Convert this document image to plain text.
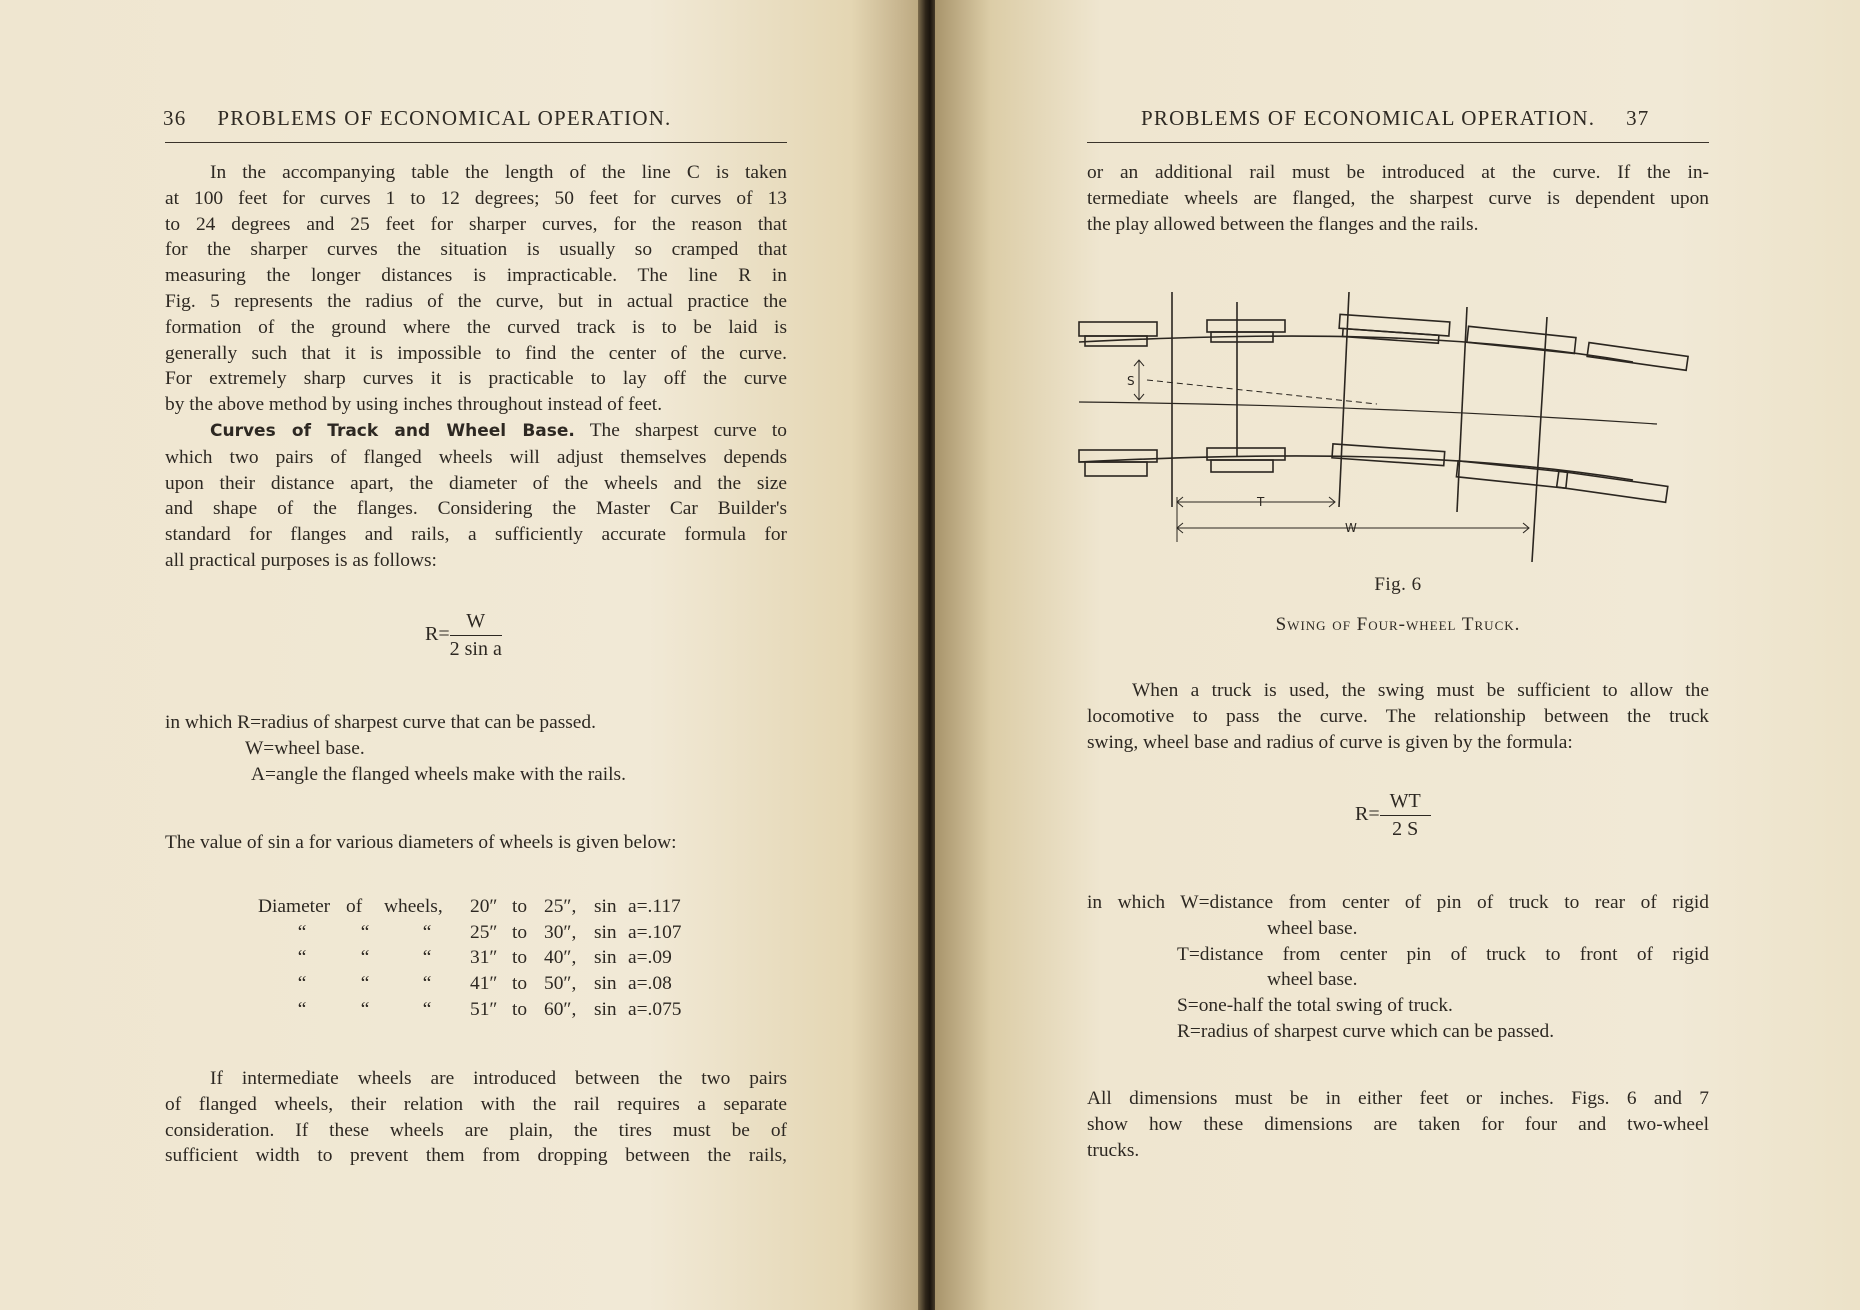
36 PROBLEMS OF ECONOMICAL OPERATION.
In the accompanying table the length of the line C is taken
at 100 feet for curves 1 to 12 degrees; 50 feet for curves of 13
to 24 degrees and 25 feet for sharper curves, for the reason that
for the sharper curves the situation is usually so cramped that
measuring the longer distances is impracticable. The line R in
Fig. 5 represents the radius of the curve, but in actual practice the
formation of the ground where the curved track is to be laid is
generally such that it is impossible to find the center of the curve.
For extremely sharp curves it is practicable to lay off the curve
by the above method by using inches throughout instead of feet.
Curves of Track and Wheel Base. The sharpest curve to
which two pairs of flanged wheels will adjust themselves depends
upon their distance apart, the diameter of the wheels and the size
and shape of the flanges. Considering the Master Car Builder's
standard for flanges and rails, a sufficiently accurate formula for
all practical purposes is as follows:
$R= \frac{W}{\text{2 sin a}}$
in which R=radius of sharpest curve that can be passed.
W=wheel base.
A=angle the flanged wheels make with the rails.
The value of sin a for various diameters of wheels is given below:
Diameter	of	wheels,	20″	to	25″,	sin	a=.117
“	“	“	25″	to	30″,	sin	a=.107
“	“	“	31″	to	40″,	sin	a=.09
“	“	“	41″	to	50″,	sin	a=.08
“	“	“	51″	to	60″,	sin	a=.075
If intermediate wheels are introduced between the two pairs
of flanged wheels, their relation with the rail requires a separate
consideration. If these wheels are plain, the tires must be of
sufficient width to prevent them from dropping between the rails,
PROBLEMS OF ECONOMICAL OPERATION. 37
or an additional rail must be introduced at the curve. If the in-
termediate wheels are flanged, the sharpest curve is dependent upon
the play allowed between the flanges and the rails.
S
T
W
Fig. 6
Swing of Four-wheel Truck.
When a truck is used, the swing must be sufficient to allow the
locomotive to pass the curve. The relationship between the truck
swing, wheel base and radius of curve is given by the formula:
$R= \frac{WT}{2 S}$
in which W=distance from center of pin of truck to rear of rigid
wheel base.
T=distance from center pin of truck to front of rigid
wheel base.
S=one-half the total swing of truck.
R=radius of sharpest curve which can be passed.
All dimensions must be in either feet or inches. Figs. 6 and 7
show how these dimensions are taken for four and two-wheel
trucks.
